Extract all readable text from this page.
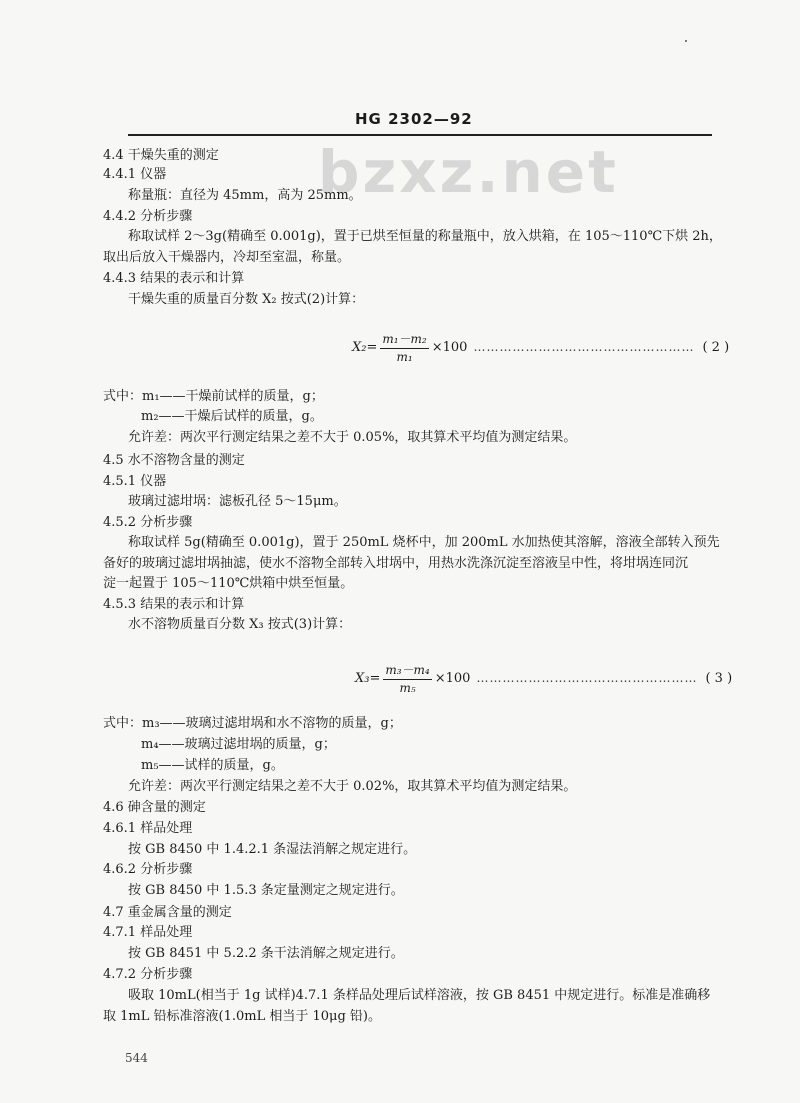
HG 2302—92
bzxz.net
4.4 干燥失重的测定
4.4.1 仪器
称量瓶：直径为 45mm，高为 25mm。
4.4.2 分析步骤
称取试样 2～3g(精确至 0.001g)，置于已烘至恒量的称量瓶中，放入烘箱，在 105～110℃下烘 2h，
取出后放入干燥器内，冷却至室温，称量。
4.4.3 结果的表示和计算
干燥失重的质量百分数 X₂ 按式(2)计算：
$X_2= \frac{\text{m₁－m₂}}{\text{m₁}} \times 100$ …………………………………………… ( 2 )
式中：m₁——干燥前试样的质量，g；
m₂——干燥后试样的质量，g。
允许差：两次平行测定结果之差不大于 0.05%，取其算术平均值为测定结果。
4.5 水不溶物含量的测定
4.5.1 仪器
玻璃过滤坩埚：滤板孔径 5～15μm。
4.5.2 分析步骤
称取试样 5g(精确至 0.001g)，置于 250mL 烧杯中，加 200mL 水加热使其溶解，溶液全部转入预先
备好的玻璃过滤坩埚抽滤，使水不溶物全部转入坩埚中，用热水洗涤沉淀至溶液呈中性，将坩埚连同沉
淀一起置于 105～110℃烘箱中烘至恒量。
4.5.3 结果的表示和计算
水不溶物质量百分数 X₃ 按式(3)计算：
$X_3= \frac{\text{m₃－m₄}}{\text{m₅}} \times 100$ …………………………………………… ( 3 )
式中：m₃——玻璃过滤坩埚和水不溶物的质量，g；
m₄——玻璃过滤坩埚的质量，g；
m₅——试样的质量，g。
允许差：两次平行测定结果之差不大于 0.02%，取其算术平均值为测定结果。
4.6 砷含量的测定
4.6.1 样品处理
按 GB 8450 中 1.4.2.1 条湿法消解之规定进行。
4.6.2 分析步骤
按 GB 8450 中 1.5.3 条定量测定之规定进行。
4.7 重金属含量的测定
4.7.1 样品处理
按 GB 8451 中 5.2.2 条干法消解之规定进行。
4.7.2 分析步骤
吸取 10mL(相当于 1g 试样)4.7.1 条样品处理后试样溶液，按 GB 8451 中规定进行。标准是准确移
取 1mL 铅标准溶液(1.0mL 相当于 10μg 铅)。
544
